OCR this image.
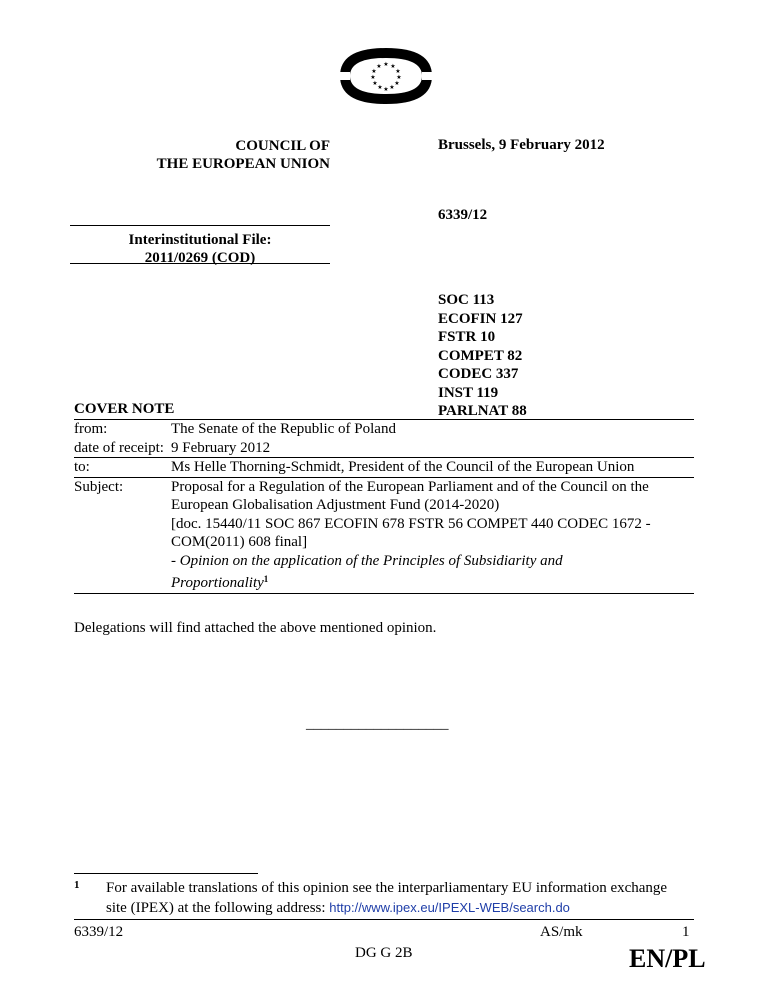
★ ★
★
★
★
★
★
★
★
★
★
★
COUNCIL OF
THE EUROPEAN UNION
Brussels, 9 February 2012
6339/12
Interinstitutional File:
2011/0269 (COD)
SOC 113
ECOFIN 127
FSTR 10
COMPET 82
CODEC 337
INST 119
PARLNAT 88
COVER NOTE
from:	The Senate of the Republic of Poland
date of receipt: 9 February 2012
to:	Ms Helle Thorning-Schmidt, President of the Council of the European Union
Subject:	Proposal for a Regulation of the European Parliament and of the Council on the
European Globalisation Adjustment Fund (2014-2020)
[doc. 15440/11 SOC 867 ECOFIN 678 FSTR 56 COMPET 440 CODEC 1672 -
COM(2011) 608 final]
- Opinion on the application of the Principles of Subsidiarity and
Proportionality$^1$
Delegations will find attached the above mentioned opinion.
___________________
1 For available translations of this opinion see the interparliamentary EU information exchange
site (IPEX) at the following address: http://www.ipex.eu/IPEXL-WEB/search.do
6339/12
DG G 2B
AS/mk	1
EN/PL
